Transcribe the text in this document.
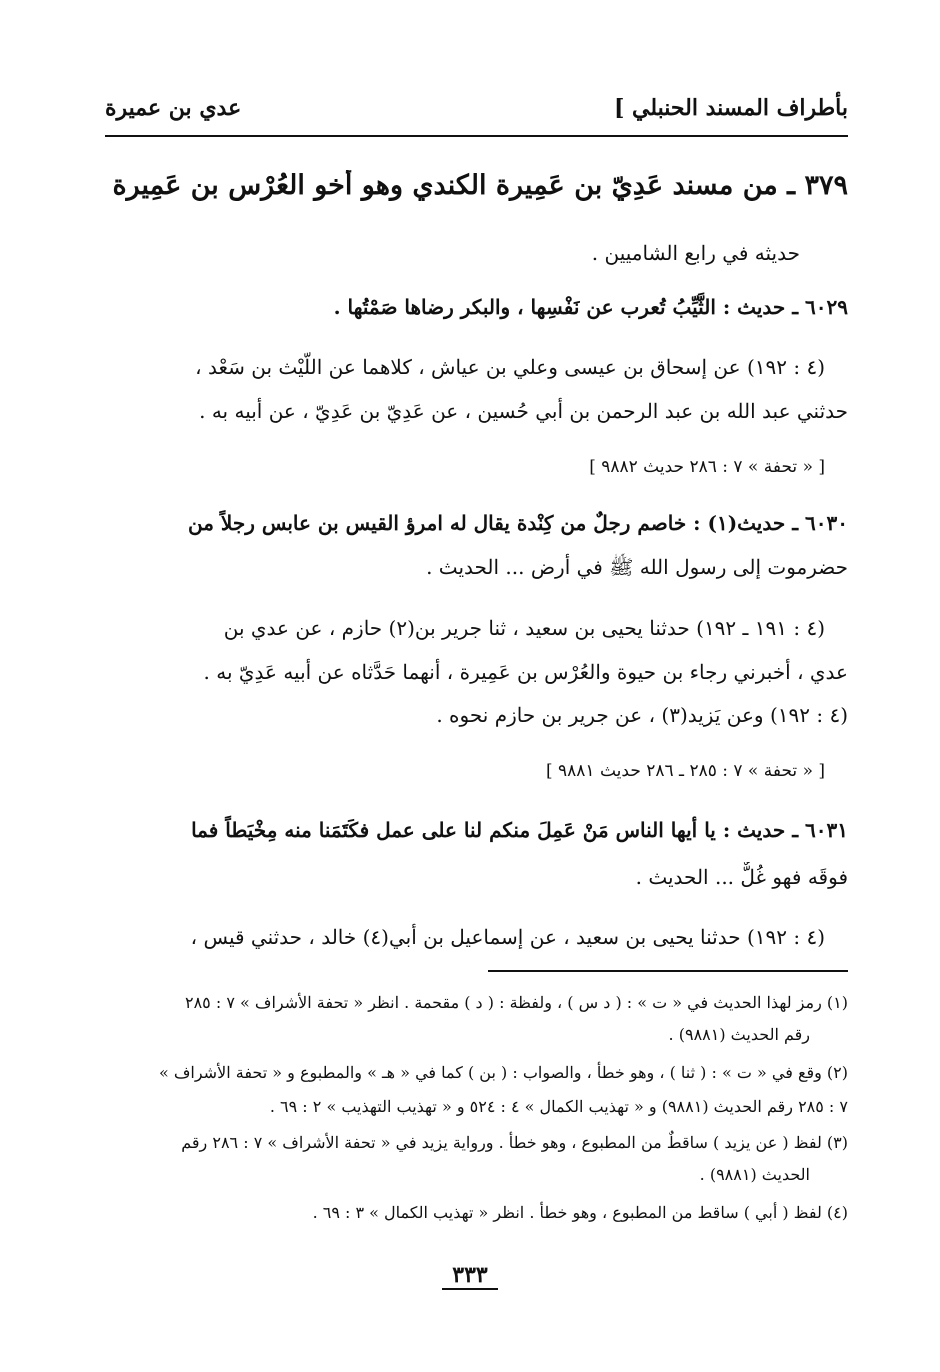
بأطراف المسند الحنبلي ]
عدي بن عميرة
٣٧٩ ـ من مسند عَدِيّ بن عَمِيرة الكندي وهو أخو العُرْس بن عَمِيرة
حديثه في رابع الشاميين .
٦٠٢٩ ـ حديث : الثَّيِّبُ تُعرب عن نَفْسِها ، والبكر رضاها صَمْتُها .
(٤ : ١٩٢) عن إسحاق بن عيسى وعلي بن عياش ، كلاهما عن اللَّيْث بن سَعْد ،
حدثني عبد الله بن عبد الرحمن بن أبي حُسين ، عن عَدِيّ بن عَدِيّ ، عن أبيه به .
[ « تحفة » ٧ : ٢٨٦ حديث ٩٨٨٢ ]
٦٠٣٠ ـ حديث(١) : خاصم رجلٌ من كِنْدة يقال له امرؤ القيس بن عابس رجلاً من
حضرموت إلى رسول الله ﷺ في أرض ... الحديث .
(٤ : ١٩١ ـ ١٩٢) حدثنا يحيى بن سعيد ، ثنا جرير بن(٢) حازم ، عن عدي بن
عدي ، أخبرني رجاء بن حيوة والعُرْس بن عَمِيرة ، أنهما حَدَّثاه عن أبيه عَدِيّ به .
(٤ : ١٩٢) وعن يَزيد(٣) ، عن جرير بن حازم نحوه .
[ « تحفة » ٧ : ٢٨٥ ـ ٢٨٦ حديث ٩٨٨١ ]
٦٠٣١ ـ حديث : يا أيها الناس مَنْ عَمِلَ منكم لنا على عمل فكَتَمَنا منه مِخْيَطاً فما
فوقَه فهو غُلٌّ ... الحديث .
(٤ : ١٩٢) حدثنا يحيى بن سعيد ، عن إسماعيل بن أبي(٤) خالد ، حدثني قيس ،
(١) رمز لهذا الحديث في « ت » : ( د س ) ، ولفظة : ( د ) مقحمة . انظر « تحفة الأشراف » ٧ : ٢٨٥
رقم الحديث (٩٨٨١) .
(٢) وقع في « ت » : ( ثنا ) ، وهو خطأ ، والصواب : ( بن ) كما في « هـ » والمطبوع و « تحفة الأشراف »
٧ : ٢٨٥ رقم الحديث (٩٨٨١) و « تهذيب الكمال » ٤ : ٥٢٤ و « تهذيب التهذيب » ٢ : ٦٩ .
(٣) لفظ ( عن يزيد ) ساقطٌ من المطبوع ، وهو خطأ . ورواية يزيد في « تحفة الأشراف » ٧ : ٢٨٦ رقم
الحديث (٩٨٨١) .
(٤) لفظ ( أبي ) ساقط من المطبوع ، وهو خطأ . انظر « تهذيب الكمال » ٣ : ٦٩ .
٣٣٣
